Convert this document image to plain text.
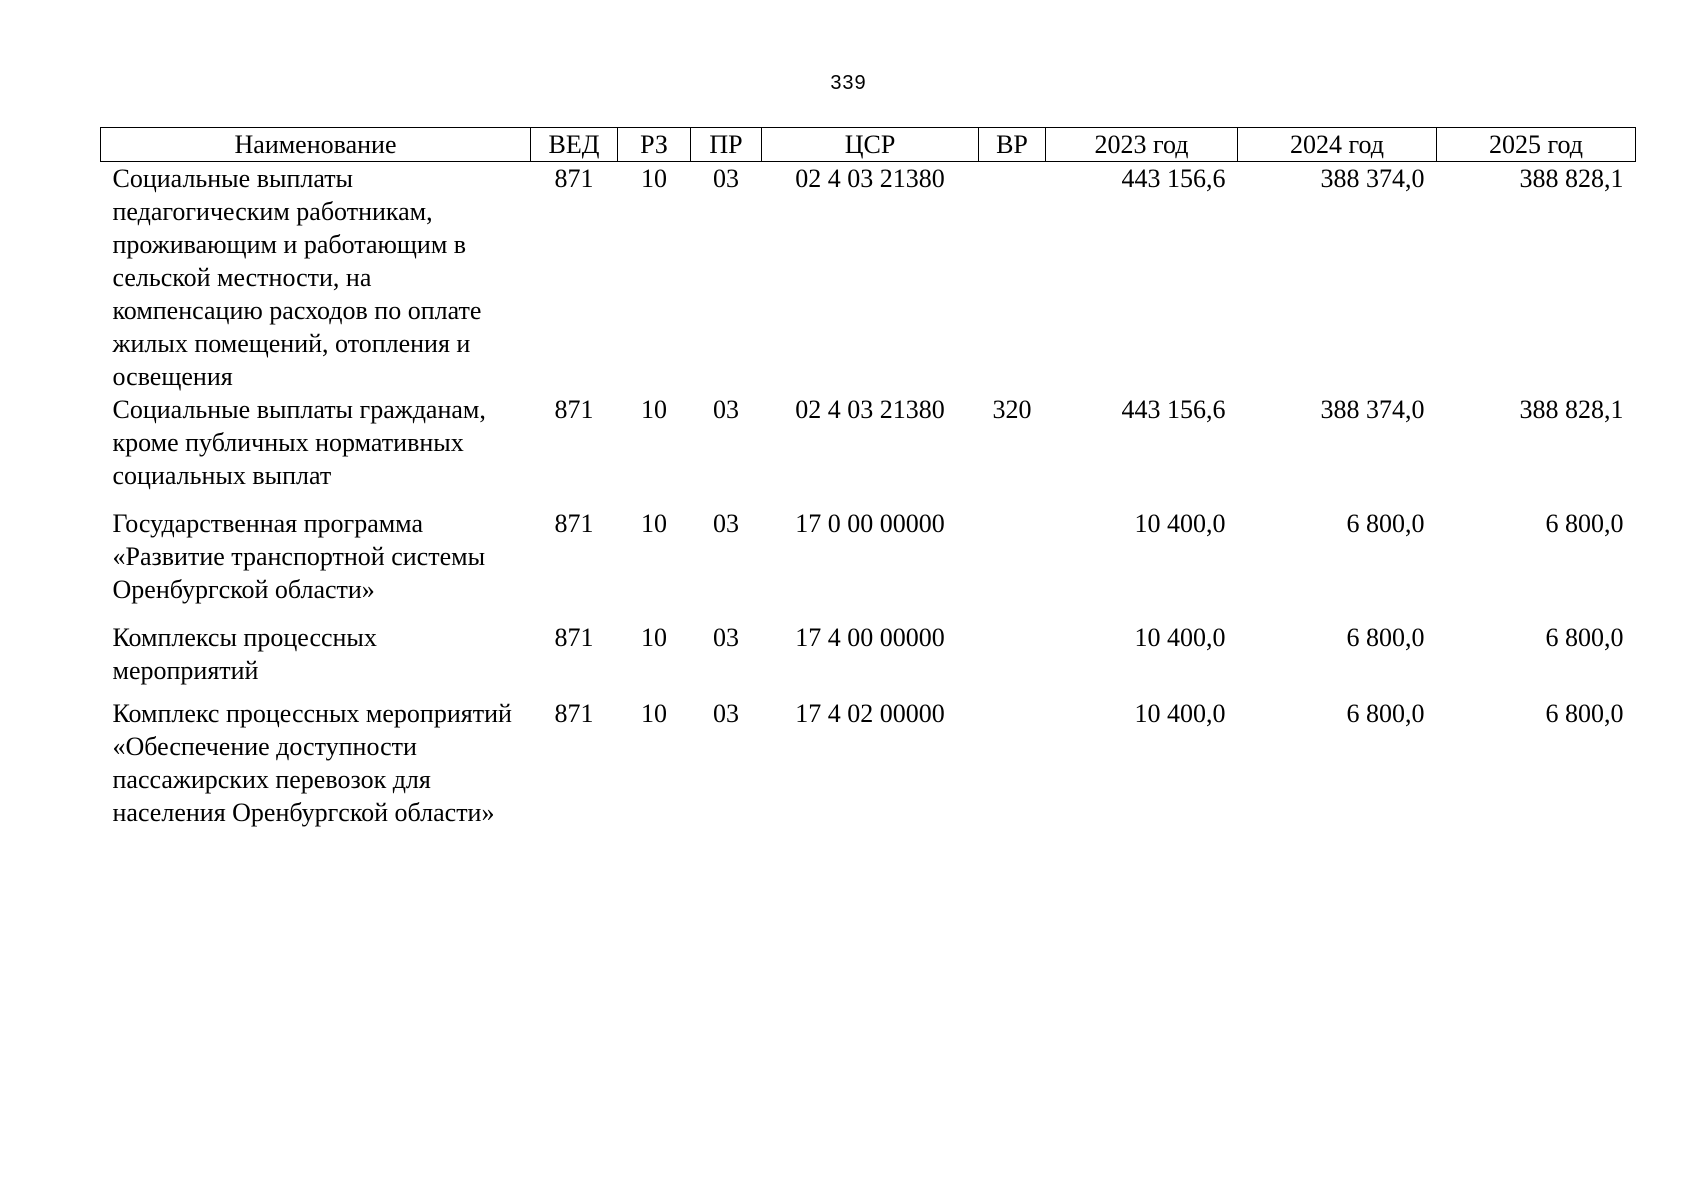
339
Наименование	ВЕД	РЗ	ПР	ЦСР	ВР	2023 год	2024 год	2025 год
Социальные выплаты педагогическим работникам, проживающим и работающим в сельской местности, на компенсацию расходов по оплате жилых помещений, отопления и освещения	871	10	03	02 4 03 21380		443 156,6	388 374,0	388 828,1
Социальные выплаты гражданам, кроме публичных нормативных социальных выплат	871	10	03	02 4 03 21380	320	443 156,6	388 374,0	388 828,1

Государственная программа «Развитие транспортной системы Оренбургской области»	871	10	03	17 0 00 00000		10 400,0	6 800,0	6 800,0

Комплексы процессных мероприятий	871	10	03	17 4 00 00000		10 400,0	6 800,0	6 800,0

Комплекс процессных мероприятий «Обеспечение доступности пассажирских перевозок для населения Оренбургской области»	871	10	03	17 4 02 00000		10 400,0	6 800,0	6 800,0
